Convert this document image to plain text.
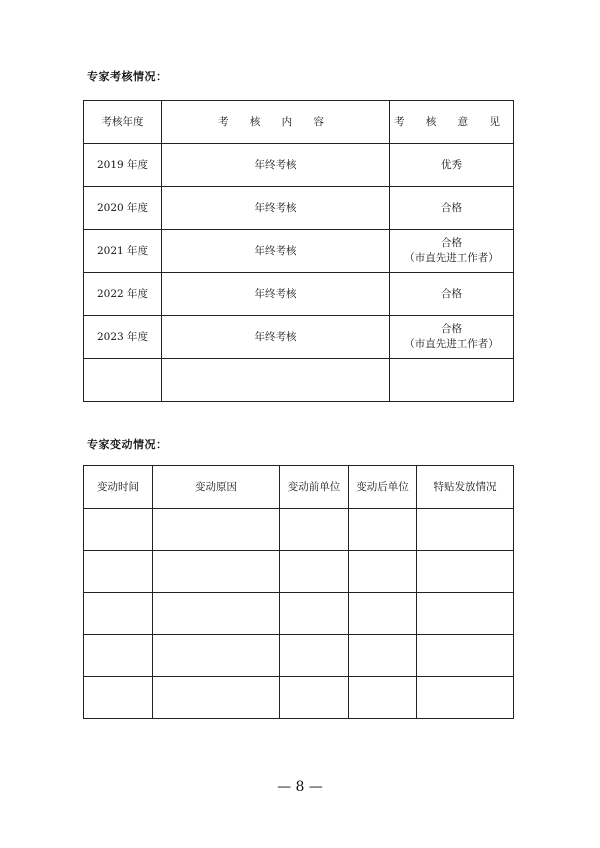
专家考核情况：
考核年度	考 核 内 容	考 核 意 见
2019 年度	年终考核	优秀

2020 年度	年终考核	合格

2021 年度	年终考核	合格
（市直先进工作者）

2022 年度	年终考核	合格

2023 年度	年终考核	合格
（市直先进工作者）

专家变动情况：
变动时间	变动原因	变动前单位	变动后单位	特贴发放情况

— 8 —
